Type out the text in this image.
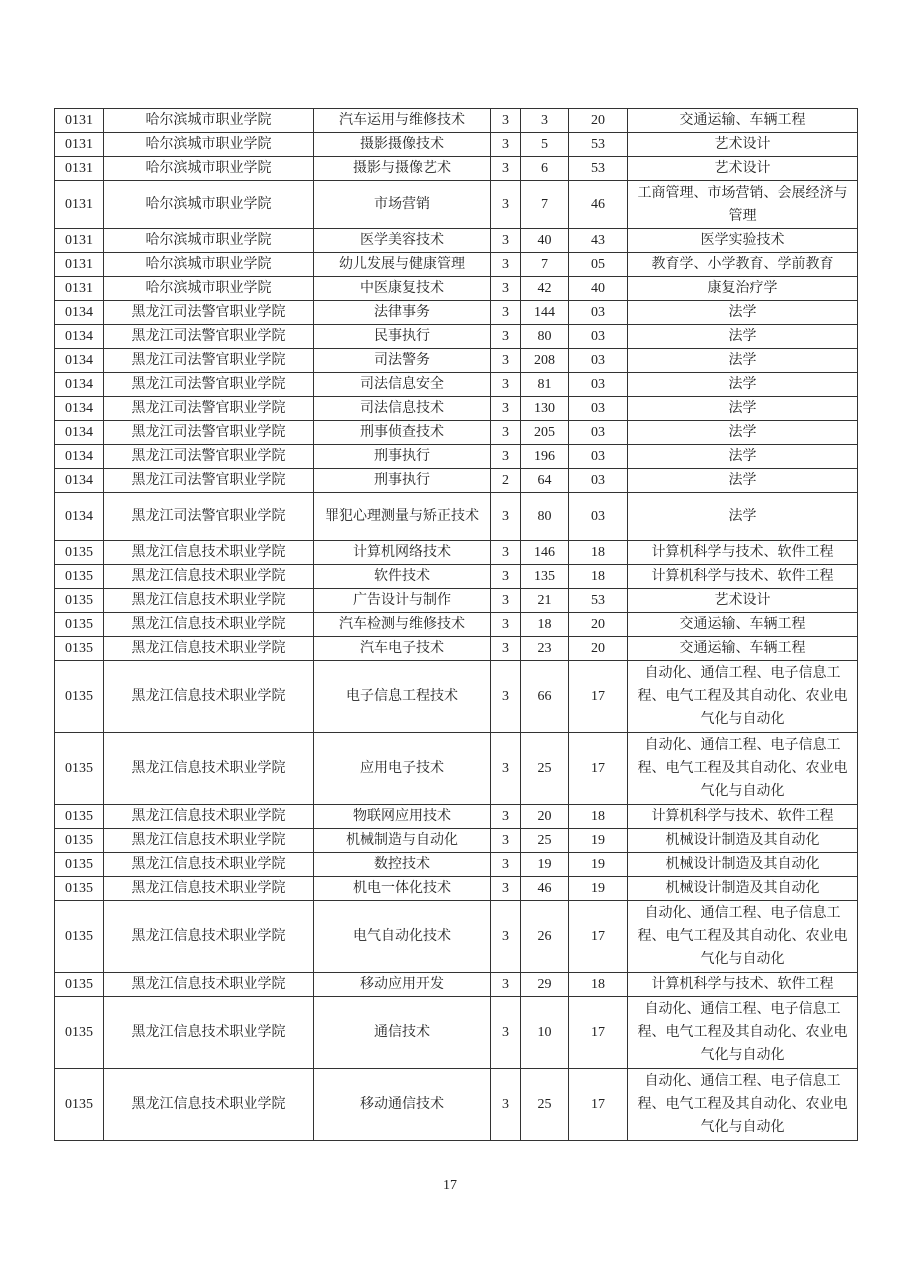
0131	哈尔滨城市职业学院	汽车运用与维修技术	3	3	20	交通运输、车辆工程
0131	哈尔滨城市职业学院	摄影摄像技术	3	5	53	艺术设计
0131	哈尔滨城市职业学院	摄影与摄像艺术	3	6	53	艺术设计
0131	哈尔滨城市职业学院	市场营销	3	7	46	工商管理、市场营销、会展经济与管理
0131	哈尔滨城市职业学院	医学美容技术	3	40	43	医学实验技术
0131	哈尔滨城市职业学院	幼儿发展与健康管理	3	7	05	教育学、小学教育、学前教育
0131	哈尔滨城市职业学院	中医康复技术	3	42	40	康复治疗学
0134	黑龙江司法警官职业学院	法律事务	3	144	03	法学
0134	黑龙江司法警官职业学院	民事执行	3	80	03	法学
0134	黑龙江司法警官职业学院	司法警务	3	208	03	法学
0134	黑龙江司法警官职业学院	司法信息安全	3	81	03	法学
0134	黑龙江司法警官职业学院	司法信息技术	3	130	03	法学
0134	黑龙江司法警官职业学院	刑事侦查技术	3	205	03	法学
0134	黑龙江司法警官职业学院	刑事执行	3	196	03	法学
0134	黑龙江司法警官职业学院	刑事执行	2	64	03	法学
0134	黑龙江司法警官职业学院	罪犯心理测量与矫正技术	3	80	03	法学
0135	黑龙江信息技术职业学院	计算机网络技术	3	146	18	计算机科学与技术、软件工程
0135	黑龙江信息技术职业学院	软件技术	3	135	18	计算机科学与技术、软件工程
0135	黑龙江信息技术职业学院	广告设计与制作	3	21	53	艺术设计
0135	黑龙江信息技术职业学院	汽车检测与维修技术	3	18	20	交通运输、车辆工程
0135	黑龙江信息技术职业学院	汽车电子技术	3	23	20	交通运输、车辆工程
0135	黑龙江信息技术职业学院	电子信息工程技术	3	66	17	自动化、通信工程、电子信息工程、电气工程及其自动化、农业电气化与自动化
0135	黑龙江信息技术职业学院	应用电子技术	3	25	17	自动化、通信工程、电子信息工程、电气工程及其自动化、农业电气化与自动化
0135	黑龙江信息技术职业学院	物联网应用技术	3	20	18	计算机科学与技术、软件工程
0135	黑龙江信息技术职业学院	机械制造与自动化	3	25	19	机械设计制造及其自动化
0135	黑龙江信息技术职业学院	数控技术	3	19	19	机械设计制造及其自动化
0135	黑龙江信息技术职业学院	机电一体化技术	3	46	19	机械设计制造及其自动化
0135	黑龙江信息技术职业学院	电气自动化技术	3	26	17	自动化、通信工程、电子信息工程、电气工程及其自动化、农业电气化与自动化
0135	黑龙江信息技术职业学院	移动应用开发	3	29	18	计算机科学与技术、软件工程
0135	黑龙江信息技术职业学院	通信技术	3	10	17	自动化、通信工程、电子信息工程、电气工程及其自动化、农业电气化与自动化
0135	黑龙江信息技术职业学院	移动通信技术	3	25	17	自动化、通信工程、电子信息工程、电气工程及其自动化、农业电气化与自动化
17
